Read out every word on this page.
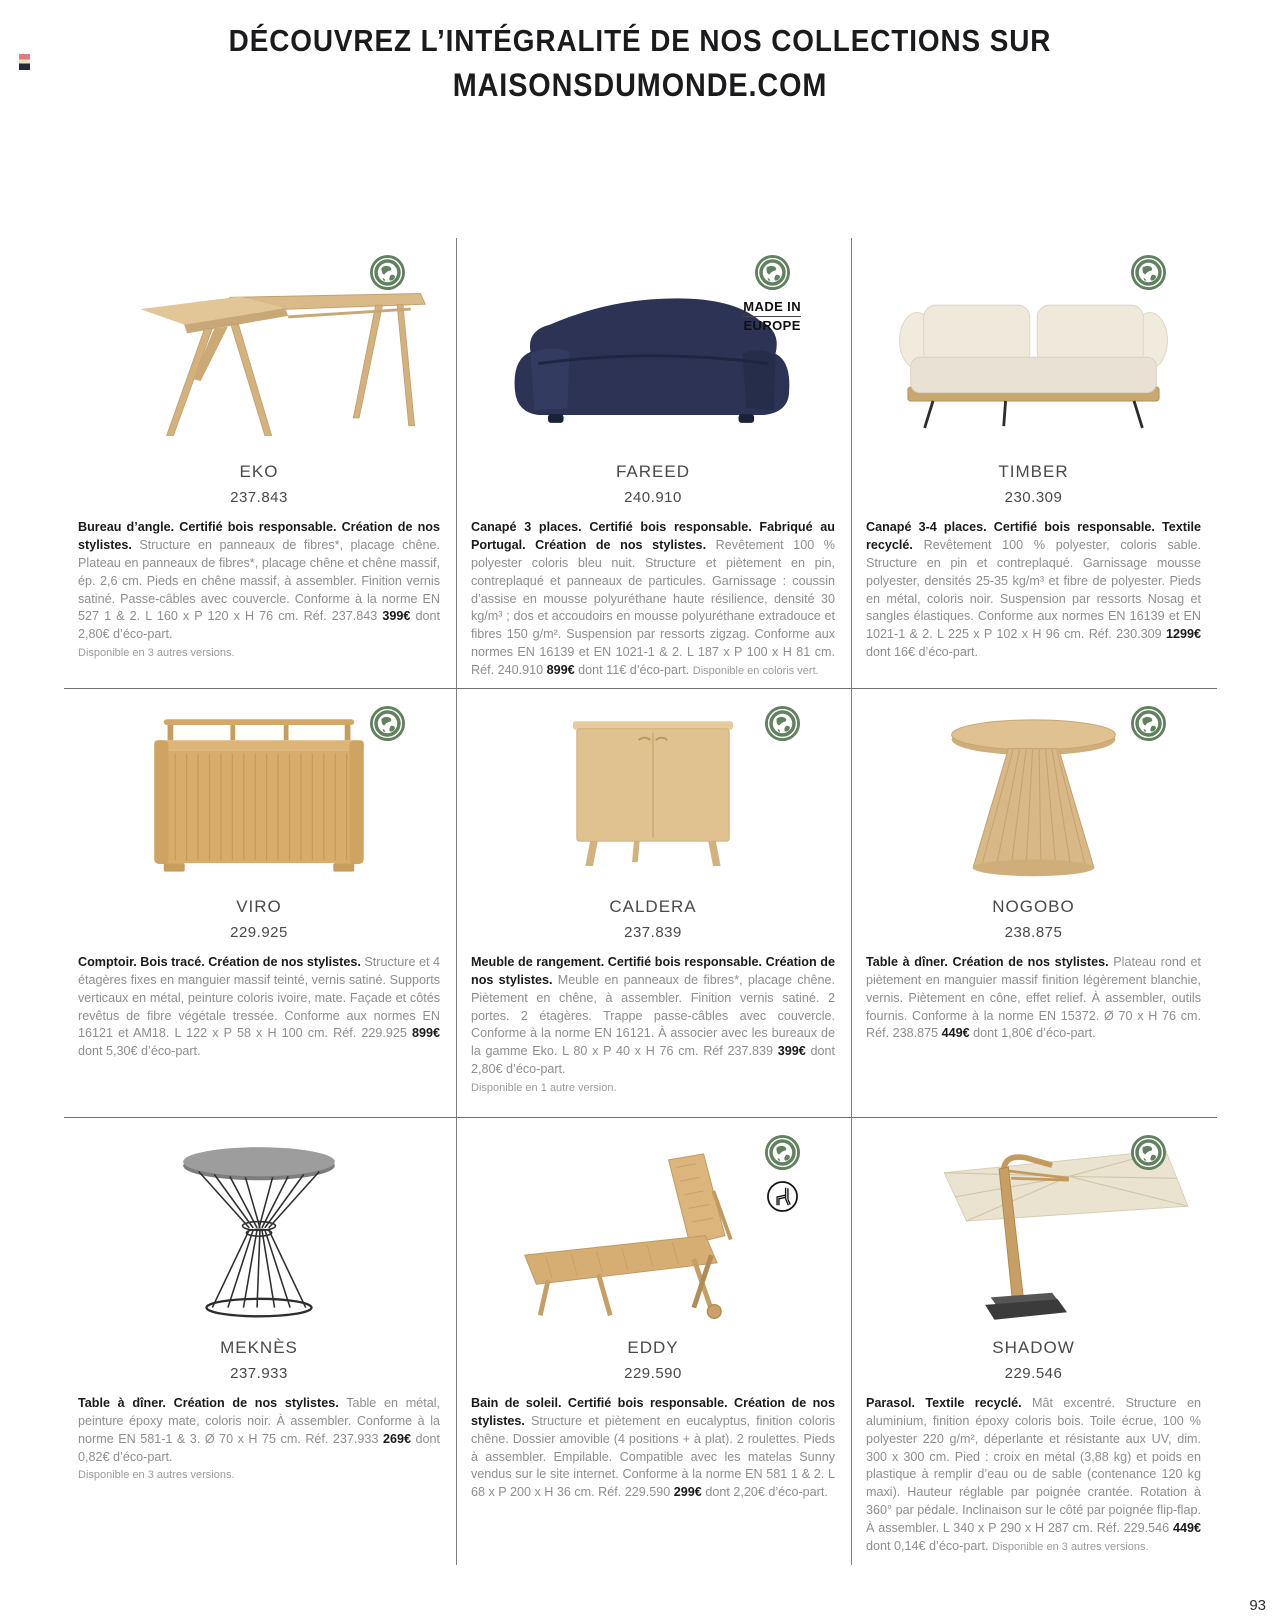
DÉCOUVREZ L’INTÉGRALITÉ DE NOS COLLECTIONS SUR
MAISONSDUMONDE.COM
EKO
237.843
Bureau d’angle. Certifié bois responsable. Création de nos stylistes. Structure en panneaux de fibres*, placage chêne. Plateau en panneaux de fibres*, placage chêne et chêne massif, ép. 2,6 cm. Pieds en chêne massif, à assembler. Finition vernis satiné. Passe-câbles avec couvercle. Conforme à la norme EN 527 1 & 2. L 160 x P 120 x H 76 cm. Réf. 237.843 399€ dont 2,80€ d’éco-part.
Disponible en 3 autres versions.
MADE IN
EUROPE
FAREED
240.910
Canapé 3 places. Certifié bois responsable. Fabriqué au Portugal. Création de nos stylistes. Revêtement 100 % polyester coloris bleu nuit. Structure et piètement en pin, contreplaqué et panneaux de particules. Garnissage : coussin d’assise en mousse polyuréthane haute résilience, densité 30 kg/m³ ; dos et accoudoirs en mousse polyuréthane extradouce et fibres 150 g/m². Suspension par ressorts zigzag. Conforme aux normes EN 16139 et EN 1021-1 & 2. L 187 x P 100 x H 81 cm. Réf. 240.910 899€ dont 11€ d’éco-part. Disponible en coloris vert.
TIMBER
230.309
Canapé 3-4 places. Certifié bois responsable. Textile recyclé. Revêtement 100 % polyester, coloris sable. Structure en pin et contreplaqué. Garnissage mousse polyester, densités 25-35 kg/m³ et fibre de polyester. Pieds en métal, coloris noir. Suspension par ressorts Nosag et sangles élastiques. Conforme aux normes EN 16139 et EN 1021-1 & 2. L 225 x P 102 x H 96 cm. Réf. 230.309 1299€ dont 16€ d’éco-part.
VIRO
229.925
Comptoir. Bois tracé. Création de nos stylistes. Structure et 4 étagères fixes en manguier massif teinté, vernis satiné. Supports verticaux en métal, peinture coloris ivoire, mate. Façade et côtés revêtus de fibre végétale tressée. Conforme aux normes EN 16121 et AM18. L 122 x P 58 x H 100 cm. Réf. 229.925 899€ dont 5,30€ d’éco-part.
CALDERA
237.839
Meuble de rangement. Certifié bois responsable. Création de nos stylistes. Meuble en panneaux de fibres*, placage chêne. Piètement en chêne, à assembler. Finition vernis satiné. 2 portes. 2 étagères. Trappe passe-câbles avec couvercle. Conforme à la norme EN 16121. À associer avec les bureaux de la gamme Eko. L 80 x P 40 x H 76 cm. Réf 237.839 399€ dont 2,80€ d’éco-part.
Disponible en 1 autre version.
NOGOBO
238.875
Table à dîner. Création de nos stylistes. Plateau rond et piètement en manguier massif finition légèrement blanchie, vernis. Piètement en cône, effet relief. À assembler, outils fournis. Conforme à la norme EN 15372. Ø 70 x H 76 cm. Réf. 238.875 449€ dont 1,80€ d’éco-part.
MEKNÈS
237.933
Table à dîner. Création de nos stylistes. Table en métal, peinture époxy mate, coloris noir. À assembler. Conforme à la norme EN 581-1 & 3. Ø 70 x H 75 cm. Réf. 237.933 269€ dont 0,82€ d’éco-part.
Disponible en 3 autres versions.
EDDY
229.590
Bain de soleil. Certifié bois responsable. Création de nos stylistes. Structure et piètement en eucalyptus, finition coloris chêne. Dossier amovible (4 positions + à plat). 2 roulettes. Pieds à assembler. Empilable. Compatible avec les matelas Sunny vendus sur le site internet. Conforme à la norme EN 581 1 & 2. L 68 x P 200 x H 36 cm. Réf. 229.590 299€ dont 2,20€ d’éco-part.
SHADOW
229.546
Parasol. Textile recyclé. Mât excentré. Structure en aluminium, finition époxy coloris bois. Toile écrue, 100 % polyester 220 g/m², déperlante et résistante aux UV, dim. 300 x 300 cm. Pied : croix en métal (3,88 kg) et poids en plastique à remplir d’eau ou de sable (contenance 120 kg maxi). Hauteur réglable par poignée crantée. Rotation à 360° par pédale. Inclinaison sur le côté par poignée flip-flap. À assembler. L 340 x P 290 x H 287 cm. Réf. 229.546 449€ dont 0,14€ d’éco-part. Disponible en 3 autres versions.
93
